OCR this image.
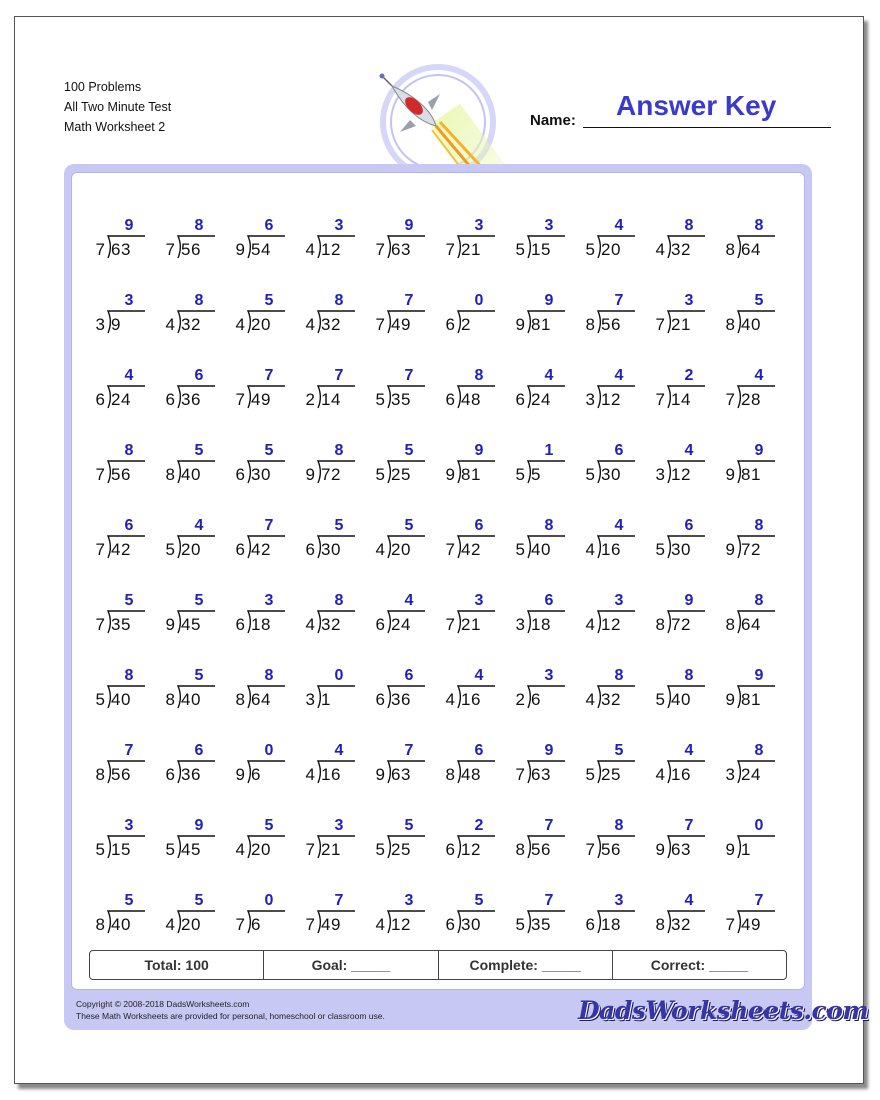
100 Problems
All Two Minute Test
Math Worksheet 2	Name: Answer Key
9
7 63
8
7 56
6
9 54
3
4 12
9
7 63
3
7 21
3
5 15
4
5 20
8
4 32
8
8 64
3
3 9
8
4 32
5
4 20
8
4 32
7
7 49
0
6 2
9
9 81
7
8 56
3
7 21
5
8 40
4
6 24
6
6 36
7
7 49
7
2 14
7
5 35
8
6 48
4
6 24
4
3 12
2
7 14
4
7 28
8
7 56
5
8 40
5
6 30
8
9 72
5
5 25
9
9 81
1
5 5
6
5 30
4
3 12
9
9 81
6
7 42
4
5 20
7
6 42
5
6 30
5
4 20
6
7 42
8
5 40
4
4 16
6
5 30
8
9 72
5
7 35
5
9 45
3
6 18
8
4 32
4
6 24
3
7 21
6
3 18
3
4 12
9
8 72
8
8 64
8
5 40
5
8 40
8
8 64
0
3 1
6
6 36
4
4 16
3
2 6
8
4 32
8
5 40
9
9 81
7
8 56
6
6 36
0
9 6
4
4 16
7
9 63
6
8 48
9
7 63
5
5 25
4
4 16
8
3 24
3
5 15
9
5 45
5
4 20
3
7 21
5
5 25
2
6 12
7
8 56
8
7 56
7
9 63
0
9 1
5
8 40
5
4 20
0
7 6
7
7 49
3
4 12
5
6 30
7
5 35
3
6 18
4
8 32
7
7 49
Total: 100	Goal: _____	Complete: _____	Correct: _____
Copyright © 2008-2018 DadsWorksheets.com
These Math Worksheets are provided for personal, homeschool or classroom use.	DadsWorksheets.com
